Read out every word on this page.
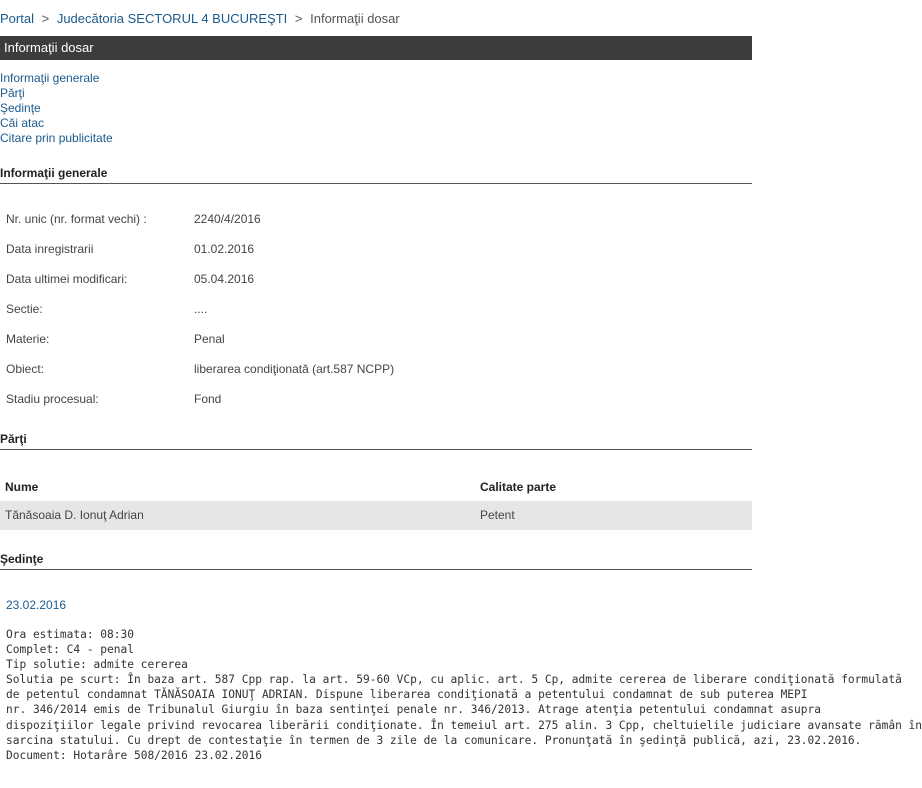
Portal > Judecătoria SECTORUL 4 BUCUREŞTI > Informaţii dosar
Informaţii dosar
Informaţii generale
Părţi
Şedinţe
Căi atac
Citare prin publicitate
Informaţii generale
Nr. unic (nr. format vechi) :	2240/4/2016
Data inregistrarii	01.02.2016
Data ultimei modificari:	05.04.2016
Sectie:	....
Materie:	Penal
Obiect:	liberarea condiţionată (art.587 NCPP)
Stadiu procesual:	Fond
Părţi
Nume	Calitate parte
Tănăsoaia D. Ionuţ Adrian	Petent
Şedinţe
23.02.2016
Ora estimata: 08:30
Complet: C4 - penal
Tip solutie: admite cererea
Solutia pe scurt: În baza art. 587 Cpp rap. la art. 59-60 VCp, cu aplic. art. 5 Cp, admite cererea de liberare condiţionată formulată
de petentul condamnat TĂNĂSOAIA IONUŢ ADRIAN. Dispune liberarea condiţionată a petentului condamnat de sub puterea MEPI
nr. 346/2014 emis de Tribunalul Giurgiu în baza sentinţei penale nr. 346/2013. Atrage atenţia petentului condamnat asupra
dispoziţiilor legale privind revocarea liberării condiţionate. În temeiul art. 275 alin. 3 Cpp, cheltuielile judiciare avansate rămân în
sarcina statului. Cu drept de contestaţie în termen de 3 zile de la comunicare. Pronunţată în şedinţă publică, azi, 23.02.2016.
Document: Hotarâre 508/2016 23.02.2016
